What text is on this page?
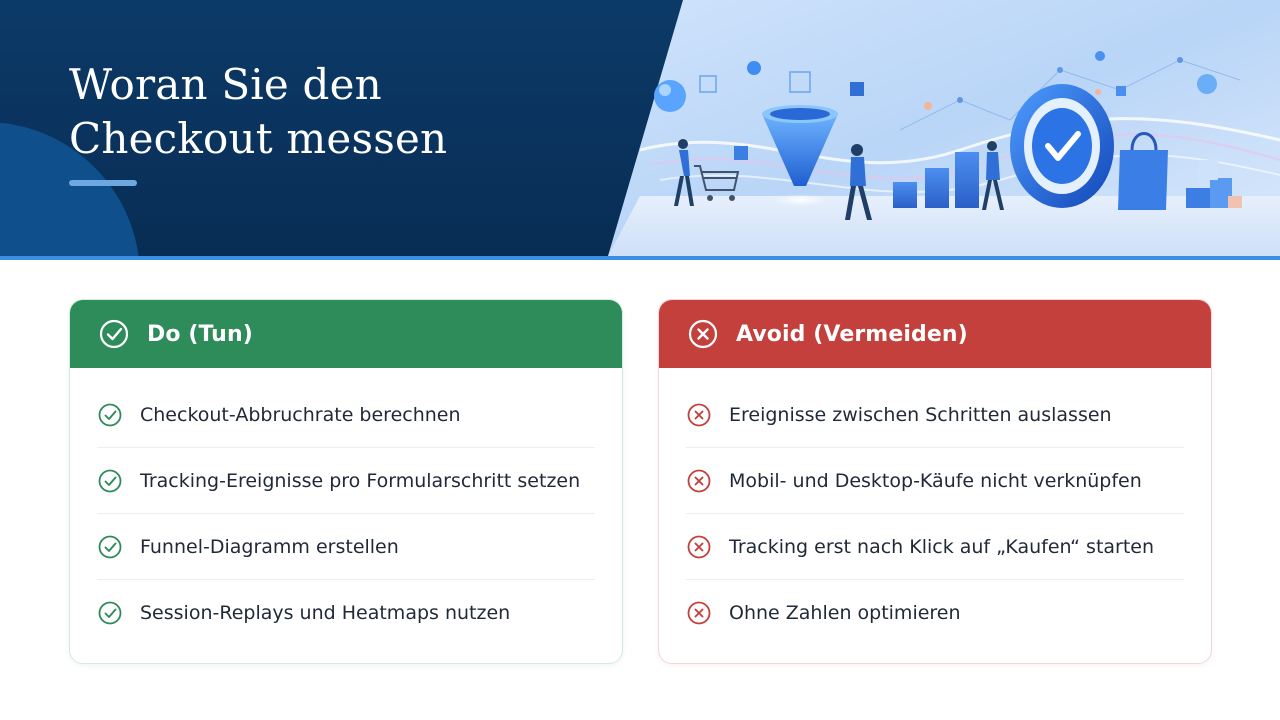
Woran Sie den
Checkout messen
Do (Tun)
Checkout-Abbruchrate berechnen
Tracking-Ereignisse pro Formularschritt setzen
Funnel-Diagramm erstellen
Session-Replays und Heatmaps nutzen
Avoid (Vermeiden)
Ereignisse zwischen Schritten auslassen
Mobil- und Desktop-Käufe nicht verknüpfen
Tracking erst nach Klick auf „Kaufen“ starten
Ohne Zahlen optimieren
